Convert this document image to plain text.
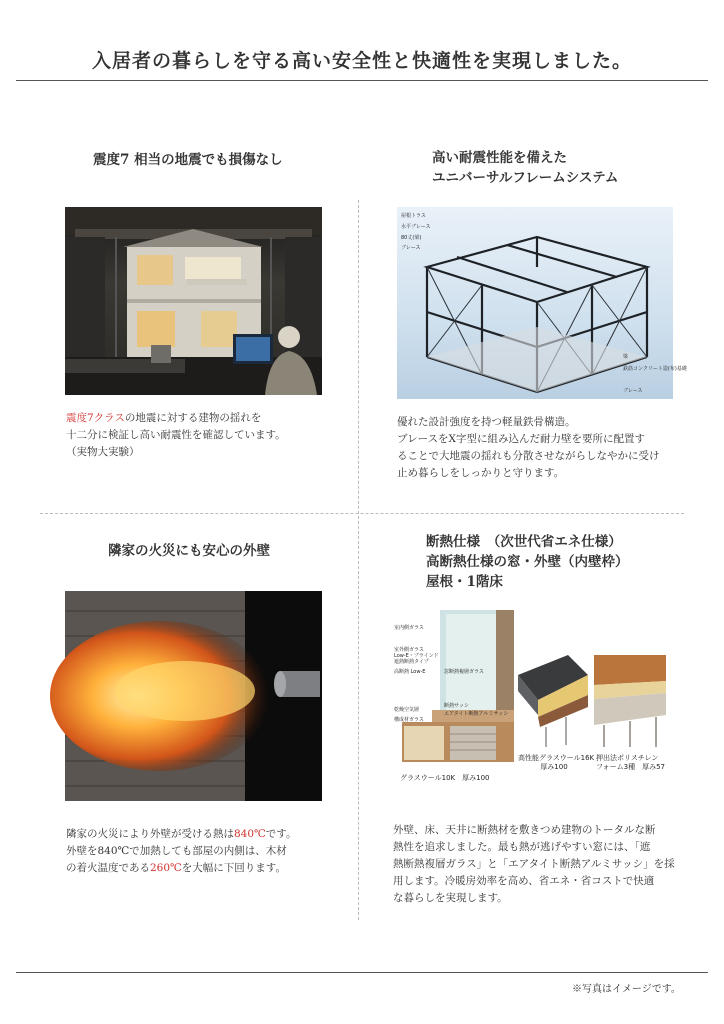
入居者の暮らしを守る高い安全性と快適性を実現しました。
震度7 相当の地震でも損傷なし
震度7クラスの地震に対する建物の揺れを
十二分に検証し高い耐震性を確認しています。
（実物大実験）
高い耐震性能を備えた
ユニバーサルフレームシステム
屋根トラス
水平ブレース
80丈(梁)
ブレース
梁
鉄筋コンクリート造(布)基礎
ブレース
優れた設計強度を持つ軽量鉄骨構造。
ブレースをX字型に組み込んだ耐力壁を要所に配置す
ることで大地震の揺れも分散させながらしなやかに受け
止め暮らしをしっかりと守ります。
隣家の火災にも安心の外壁
隣家の火災により外壁が受ける熱は840℃です。
外壁を840℃で加熱しても部屋の内側は、木材
の着火温度である260℃を大幅に下回ります。
断熱仕様　（次世代省エネ仕様）
高断熱仕様の窓・外壁（内壁枠）
屋根・1階床
室内側ガラス
室外側ガラス
Low-E・ブラインド
遮熱断熱タイプ
高断熱 Low-E	窓断熱複層ガラス
乾燥空気層
構成材ガラス
断熱サッシ
エアタイト断熱アルミサッシ
グラスウール10K　厚み100
高性能グラスウール16K
厚み100
押出法ポリスチレン
フォーム3種　厚み57
外壁、床、天井に断熱材を敷きつめ建物のトータルな断
熱性を追求しました。最も熱が逃げやすい窓には、「遮
熱断熱複層ガラス」と「エアタイト断熱アルミサッシ」を採
用します。冷暖房効率を高め、省エネ・省コストで快適
な暮らしを実現します。
※写真はイメージです。
